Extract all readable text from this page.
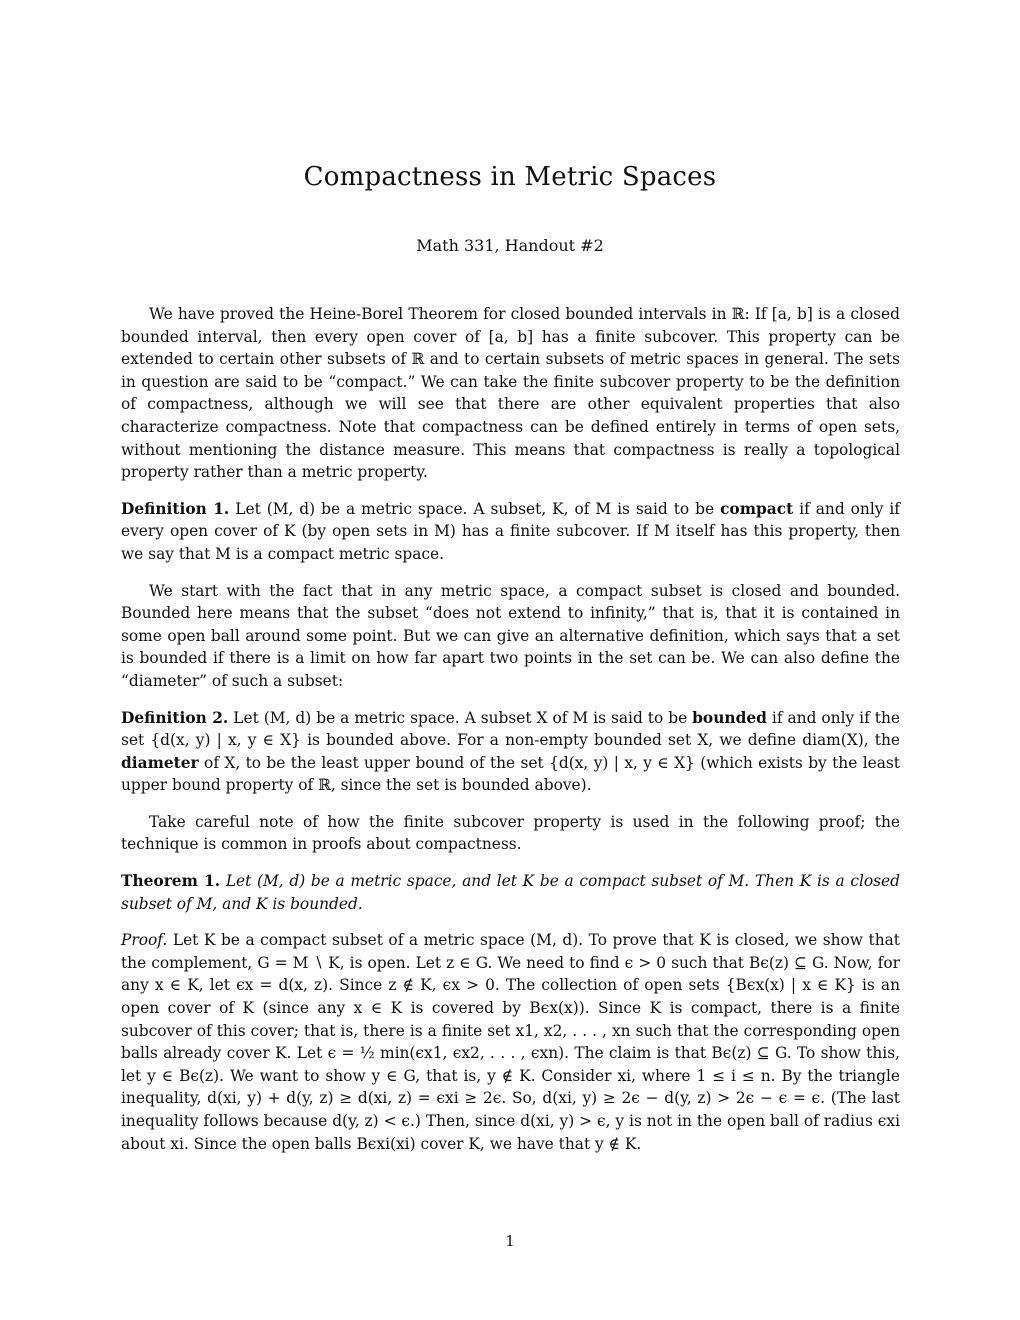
Compactness in Metric Spaces
Math 331, Handout #2

We have proved the Heine-Borel Theorem for closed bounded intervals in ℝ: If [a, b] is a closed bounded interval, then every open cover of [a, b] has a finite subcover. This property can be extended to certain other subsets of ℝ and to certain subsets of metric spaces in general. The sets in question are said to be “compact.” We can take the finite subcover property to be the definition of compactness, although we will see that there are other equivalent properties that also characterize compactness. Note that compactness can be defined entirely in terms of open sets, without mentioning the distance measure. This means that compactness is really a topological property rather than a metric property.

Definition 1. Let (M, d) be a metric space. A subset, K, of M is said to be compact if and only if every open cover of K (by open sets in M) has a finite subcover. If M itself has this property, then we say that M is a compact metric space.

We start with the fact that in any metric space, a compact subset is closed and bounded. Bounded here means that the subset “does not extend to infinity,” that is, that it is contained in some open ball around some point. But we can give an alternative definition, which says that a set is bounded if there is a limit on how far apart two points in the set can be. We can also define the “diameter” of such a subset:

Definition 2. Let (M, d) be a metric space. A subset X of M is said to be bounded if and only if the set {d(x, y) | x, y ∈ X} is bounded above. For a non-empty bounded set X, we define diam(X), the diameter of X, to be the least upper bound of the set {d(x, y) | x, y ∈ X} (which exists by the least upper bound property of ℝ, since the set is bounded above).

Take careful note of how the finite subcover property is used in the following proof; the technique is common in proofs about compactness.

Theorem 1. Let (M, d) be a metric space, and let K be a compact subset of M. Then K is a closed subset of M, and K is bounded.

Proof. Let K be a compact subset of a metric space (M, d). To prove that K is closed, we show that the complement, G = M ∖ K, is open. Let z ∈ G. We need to find ϵ > 0 such that Bϵ(z) ⊆ G. Now, for any x ∈ K, let ϵx = d(x, z). Since z ∉ K, ϵx > 0. The collection of open sets {Bϵx(x) | x ∈ K} is an open cover of K (since any x ∈ K is covered by Bϵx(x)). Since K is compact, there is a finite subcover of this cover; that is, there is a finite set x1, x2, . . . , xn such that the corresponding open balls already cover K. Let ϵ = ½ min(ϵx1, ϵx2, . . . , ϵxn). The claim is that Bϵ(z) ⊆ G. To show this, let y ∈ Bϵ(z). We want to show y ∈ G, that is, y ∉ K. Consider xi, where 1 ≤ i ≤ n. By the triangle inequality, d(xi, y) + d(y, z) ≥ d(xi, z) = ϵxi ≥ 2ϵ. So, d(xi, y) ≥ 2ϵ − d(y, z) > 2ϵ − ϵ = ϵ. (The last inequality follows because d(y, z) < ϵ.) Then, since d(xi, y) > ϵ, y is not in the open ball of radius ϵxi about xi. Since the open balls Bϵxi(xi) cover K, we have that y ∉ K.

1
